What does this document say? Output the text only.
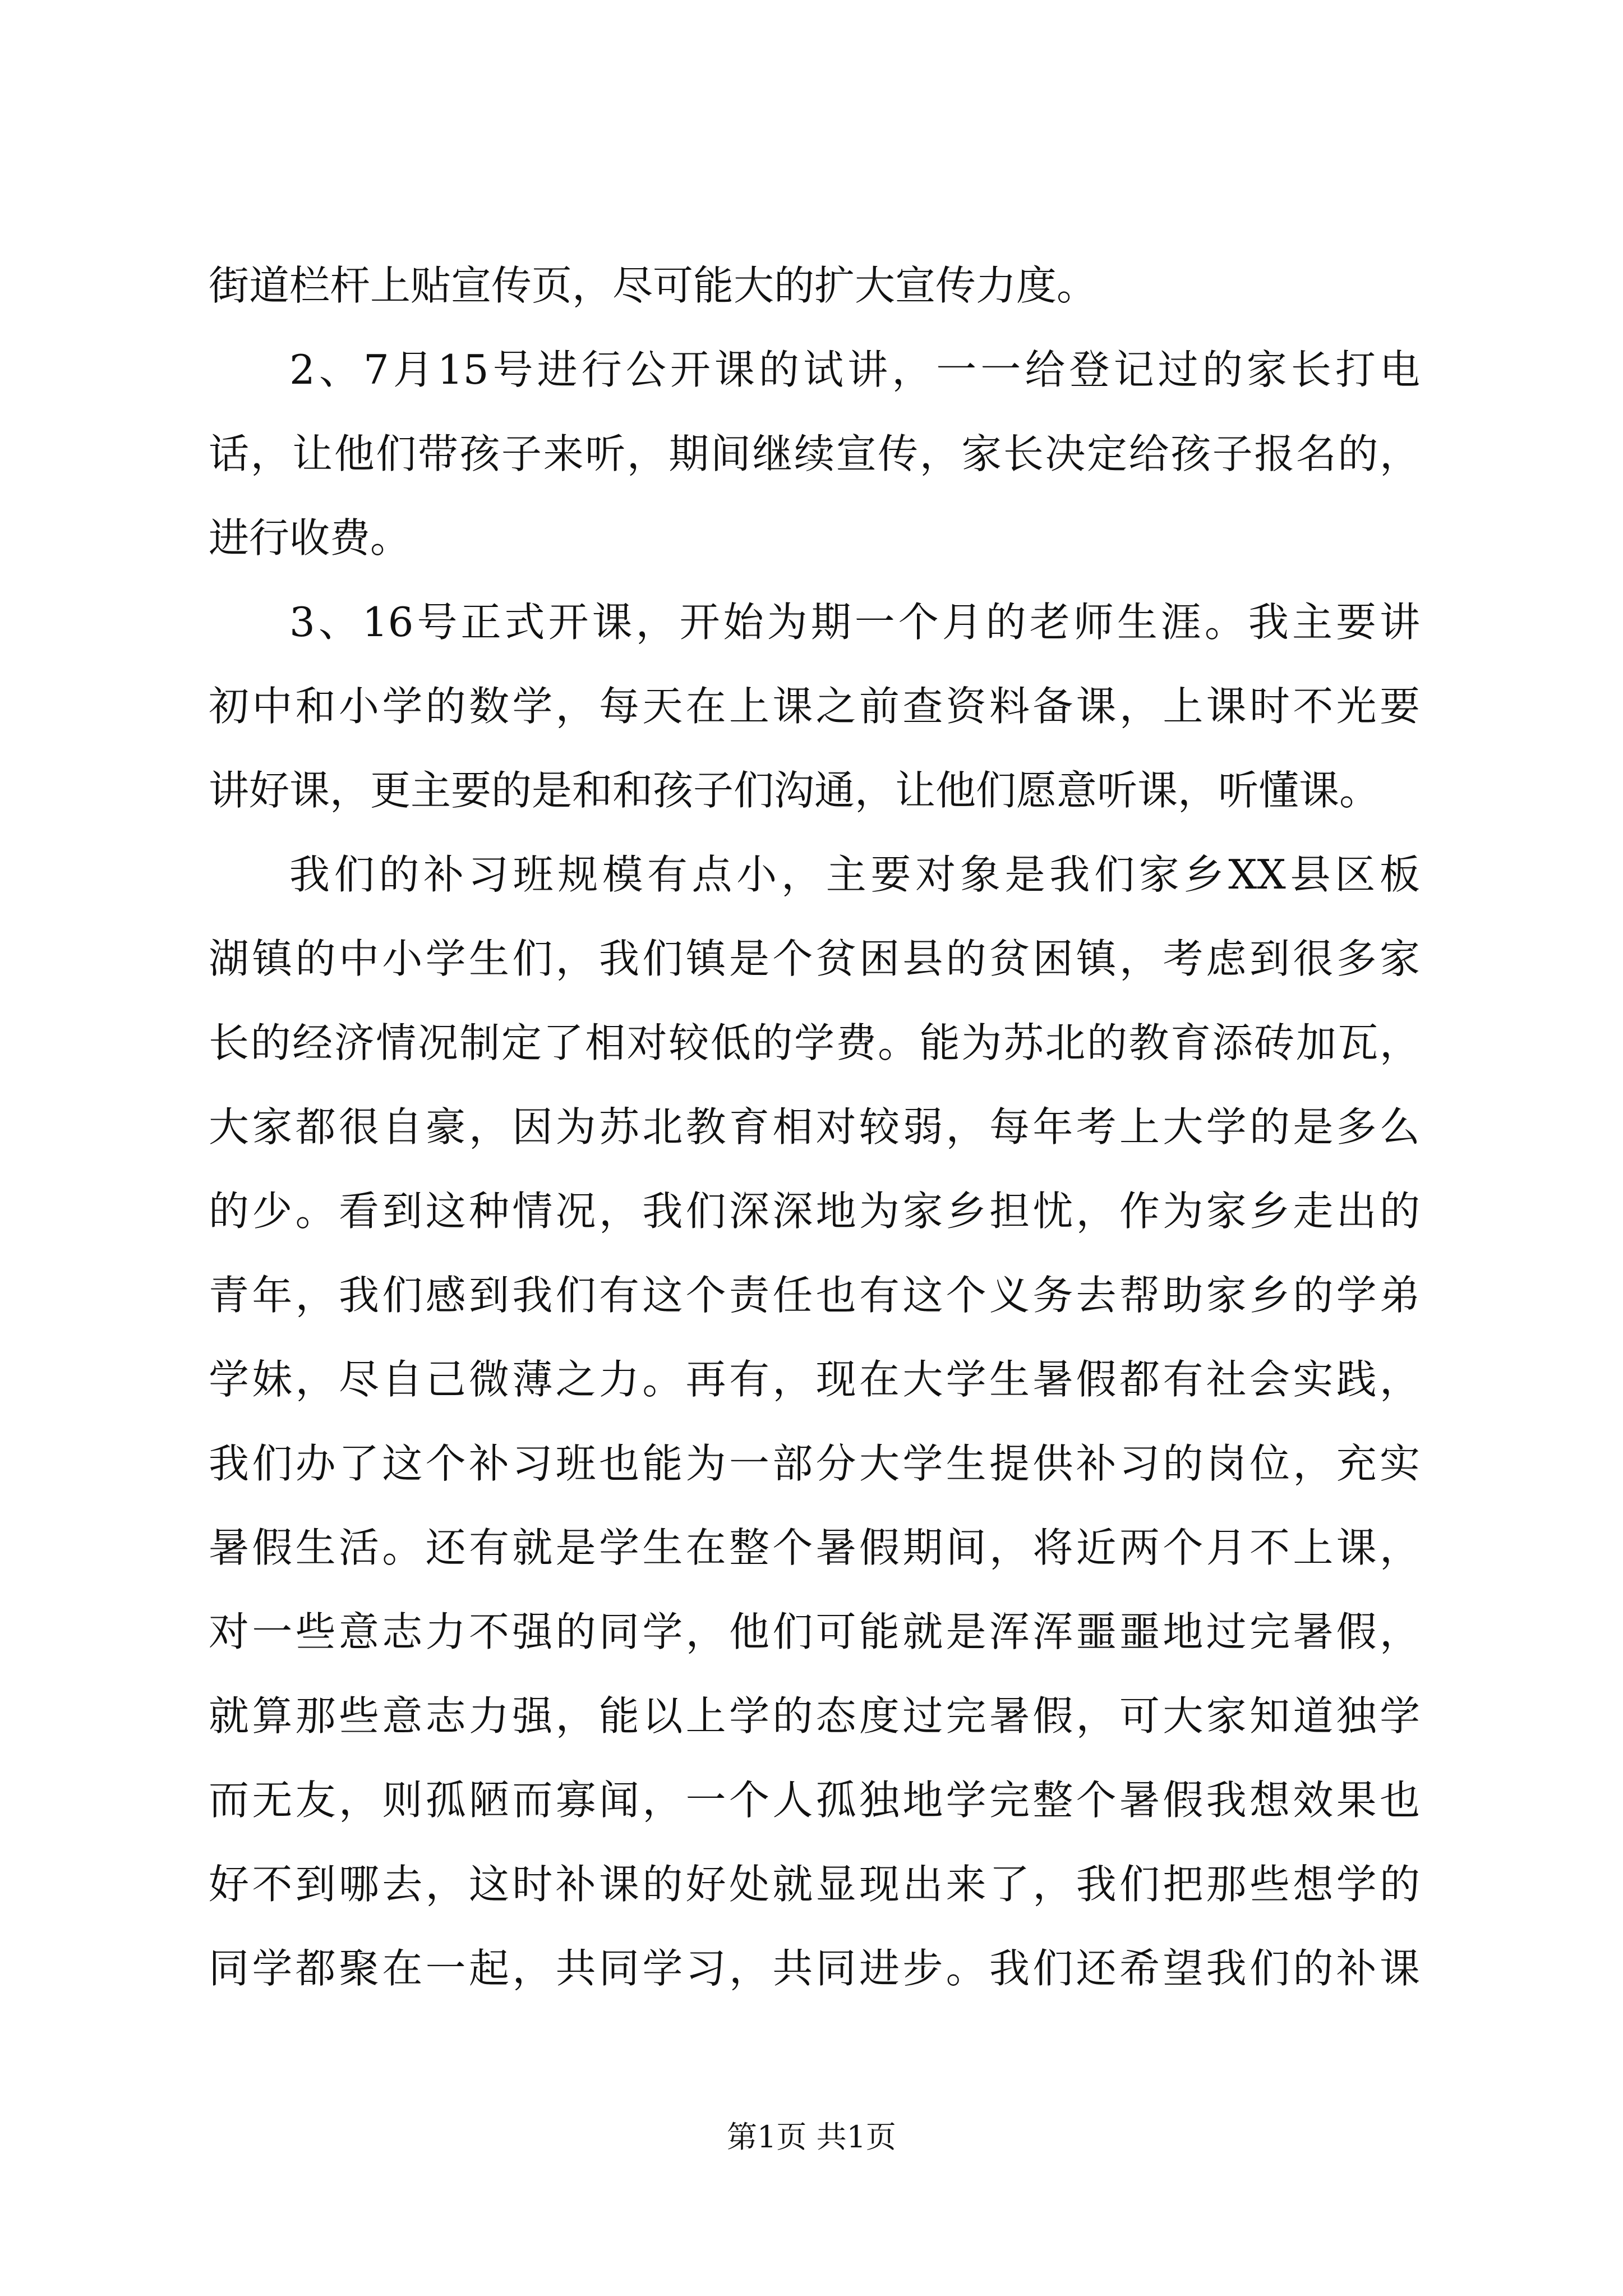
街道栏杆上贴宣传页，尽可能大的扩大宣传力度。
2、7月15号进行公开课的试讲，一一给登记过的家长打电
话，让他们带孩子来听，期间继续宣传，家长决定给孩子报名的，
进行收费。
3、16号正式开课，开始为期一个月的老师生涯。我主要讲
初中和小学的数学，每天在上课之前查资料备课，上课时不光要
讲好课，更主要的是和和孩子们沟通，让他们愿意听课，听懂课。
我们的补习班规模有点小，主要对象是我们家乡XX县区板
湖镇的中小学生们，我们镇是个贫困县的贫困镇，考虑到很多家
长的经济情况制定了相对较低的学费。能为苏北的教育添砖加瓦，
大家都很自豪，因为苏北教育相对较弱，每年考上大学的是多么
的少。看到这种情况，我们深深地为家乡担忧，作为家乡走出的
青年，我们感到我们有这个责任也有这个义务去帮助家乡的学弟
学妹，尽自己微薄之力。再有，现在大学生暑假都有社会实践，
我们办了这个补习班也能为一部分大学生提供补习的岗位，充实
暑假生活。还有就是学生在整个暑假期间，将近两个月不上课，
对一些意志力不强的同学，他们可能就是浑浑噩噩地过完暑假，
就算那些意志力强，能以上学的态度过完暑假，可大家知道独学
而无友，则孤陋而寡闻，一个人孤独地学完整个暑假我想效果也
好不到哪去，这时补课的好处就显现出来了，我们把那些想学的
同学都聚在一起，共同学习，共同进步。我们还希望我们的补课
第1页 共1页
